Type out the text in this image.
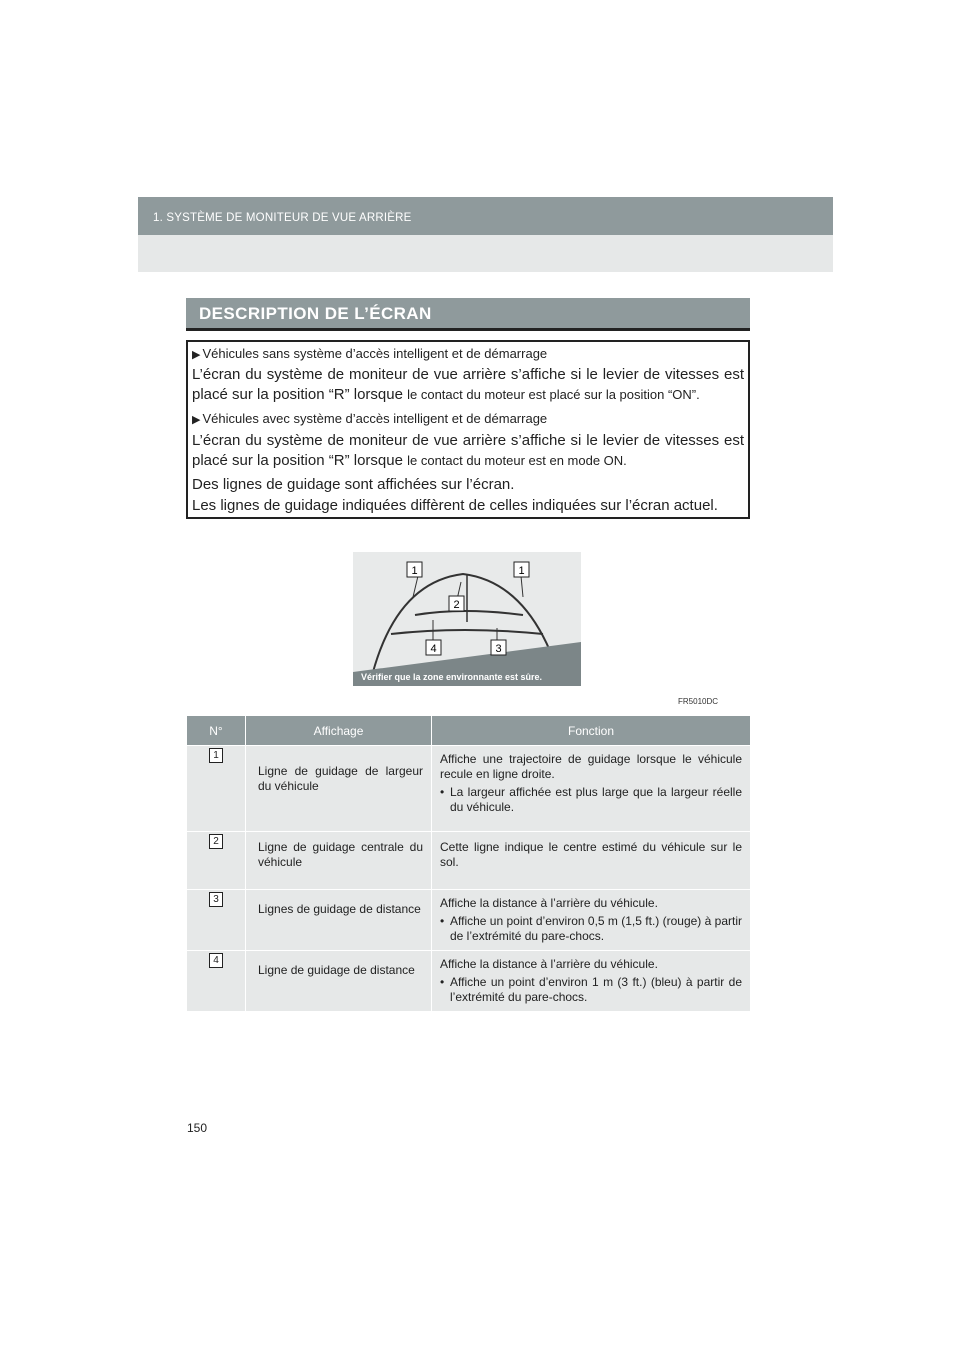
1. SYSTÈME DE MONITEUR DE VUE ARRIÈRE
DESCRIPTION DE L’ÉCRAN
▶ Véhicules sans système d’accès intelligent et de démarrage
L’écran du système de moniteur de vue arrière s’affiche si le levier de vitesses est placé sur la position “R” lorsque le contact du moteur est placé sur la position “ON”.
▶ Véhicules avec système d’accès intelligent et de démarrage
L’écran du système de moniteur de vue arrière s’affiche si le levier de vitesses est placé sur la position “R” lorsque le contact du moteur est en mode ON.
Des lignes de guidage sont affichées sur l’écran.
Les lignes de guidage indiquées diffèrent de celles indiquées sur l’écran actuel.
1	1
2
4	3
Vérifier que la zone environnante est sûre.
FR5010DC
N°	Affichage	Fonction
1	Ligne de guidage de largeur du véhicule	Affiche une trajectoire de guidage lorsque le véhicule recule en ligne droite.
• La largeur affichée est plus large que la largeur réelle du véhicule.

2	Ligne de guidage centrale du véhicule	Cette ligne indique le centre estimé du véhicule sur le sol.

3	Lignes de guidage de distance	Affiche la distance à l’arrière du véhicule.
• Affiche un point d’environ 0,5 m (1,5 ft.) (rouge) à partir de l’extrémité du pare-chocs.

4	Ligne de guidage de distance	Affiche la distance à l’arrière du véhicule.
• Affiche un point d’environ 1 m (3 ft.) (bleu) à partir de l’extrémité du pare-chocs.
150
